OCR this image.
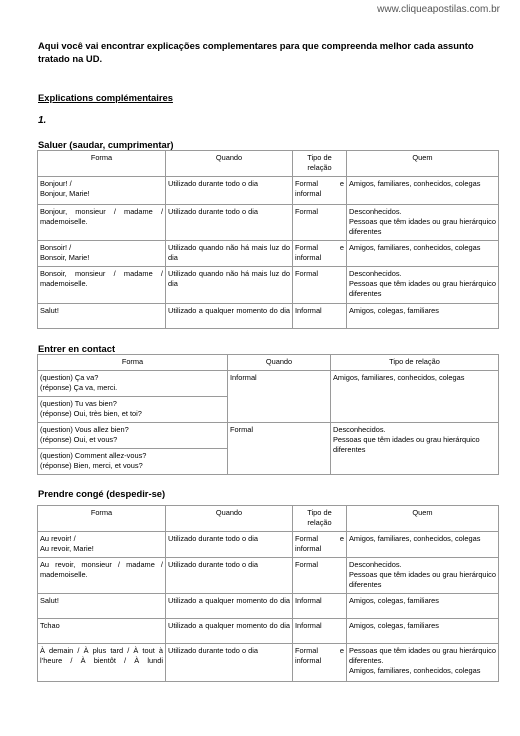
www.cliqueapostilas.com.br
Aqui você vai encontrar explicações complementares para que compreenda melhor cada assunto tratado na UD.
Explications complémentaires
1.
Saluer (saudar, cumprimentar)
Forma	Quando	Tipo de relação	Quem
Bonjour! /
Bonjour, Marie!	Utilizado durante todo o dia	Formal e informal	Amigos, familiares, conhecidos, colegas
Bonjour, monsieur / madame / mademoiselle.	Utilizado durante todo o dia	Formal	Desconhecidos.
Pessoas que têm idades ou grau hierárquico diferentes
Bonsoir! /
Bonsoir, Marie!	Utilizado quando não há mais luz do dia	Formal e informal	Amigos, familiares, conhecidos, colegas
Bonsoir, monsieur / madame / mademoiselle.	Utilizado quando não há mais luz do dia	Formal	Desconhecidos.
Pessoas que têm idades ou grau hierárquico diferentes
Salut!	Utilizado a qualquer momento do dia	Informal	Amigos, colegas, familiares
Entrer en contact
Forma	Quando	Tipo de relação
(question) Ça va?
(réponse) Ça va, merci.	Informal	Amigos, familiares, conhecidos, colegas
(question) Tu vas bien?
(réponse) Oui, très bien, et toi?		
(question) Vous allez bien?
(réponse) Oui, et vous?	Formal	Desconhecidos.
Pessoas que têm idades ou grau hierárquico diferentes
(question) Comment allez-vous?
(réponse) Bien, merci, et vous?		
Prendre congé (despedir-se)
Forma	Quando	Tipo de relação	Quem
Au revoir! /
Au revoir, Marie!	Utilizado durante todo o dia	Formal e informal	Amigos, familiares, conhecidos, colegas
Au revoir, monsieur / madame / mademoiselle.	Utilizado durante todo o dia	Formal	Desconhecidos.
Pessoas que têm idades ou grau hierárquico diferentes
Salut!	Utilizado a qualquer momento do dia	Informal	Amigos, colegas, familiares
Tchao	Utilizado a qualquer momento do dia	Informal	Amigos, colegas, familiares
À demain / À plus tard / À tout à l’heure / À bientôt / À lundi	Utilizado durante todo o dia	Formal e informal	Pessoas que têm idades ou grau hierárquico diferentes.
Amigos, familiares, conhecidos, colegas
